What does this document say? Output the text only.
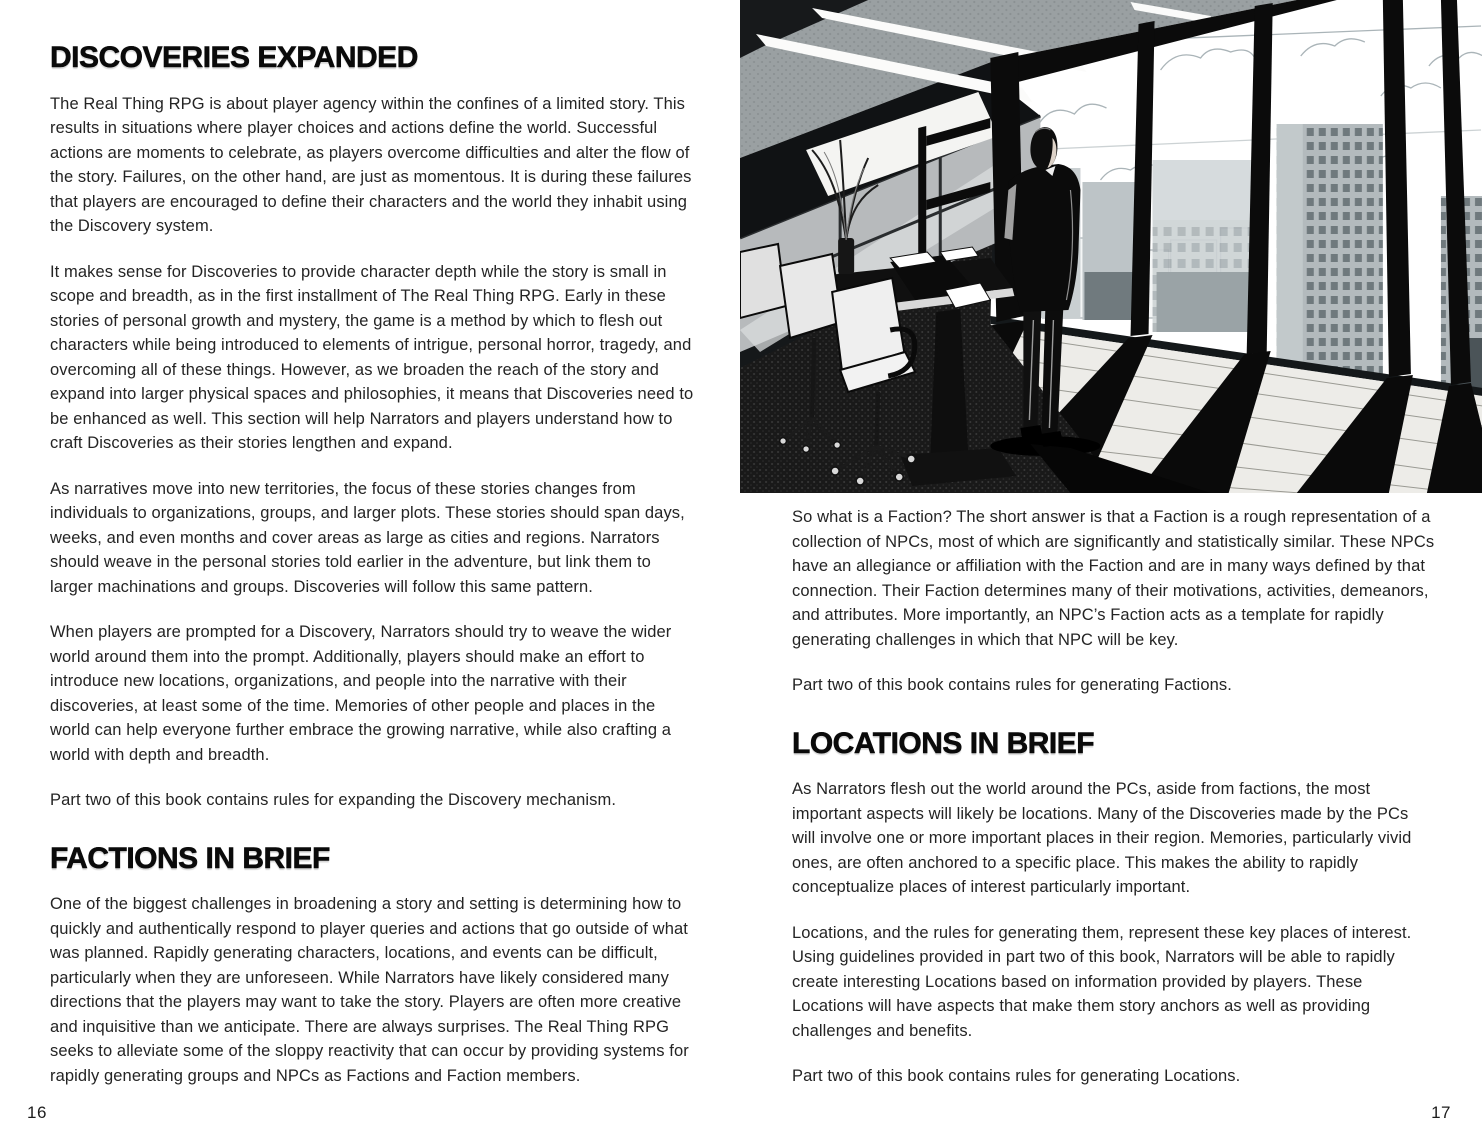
DISCOVERIES EXPANDED

The Real Thing RPG is about player agency within the confines of a limited story. This results in situations where player choices and actions define the world. Successful actions are moments to celebrate, as players overcome difficulties and alter the flow of the story. Failures, on the other hand, are just as momentous. It is during these failures that players are encouraged to define their characters and the world they inhabit using the Discovery system.

It makes sense for Discoveries to provide character depth while the story is small in scope and breadth, as in the first installment of The Real Thing RPG. Early in these stories of personal growth and mystery, the game is a method by which to flesh out characters while being introduced to elements of intrigue, personal horror, tragedy, and overcoming all of these things. However, as we broaden the reach of the story and expand into larger physical spaces and philosophies, it means that Discoveries need to be enhanced as well. This section will help Narrators and players understand how to craft Discoveries as their stories lengthen and expand.

As narratives move into new territories, the focus of these stories changes from individuals to organizations, groups, and larger plots. These stories should span days, weeks, and even months and cover areas as large as cities and regions. Narrators should weave in the personal stories told earlier in the adventure, but link them to larger machinations and groups. Discoveries will follow this same pattern.

When players are prompted for a Discovery, Narrators should try to weave the wider world around them into the prompt. Additionally, players should make an effort to introduce new locations, organizations, and people into the narrative with their discoveries, at least some of the time. Memories of other people and places in the world can help everyone further embrace the growing narrative, while also crafting a world with depth and breadth.

Part two of this book contains rules for expanding the Discovery mechanism.

FACTIONS IN BRIEF

One of the biggest challenges in broadening a story and setting is determining how to quickly and authentically respond to player queries and actions that go outside of what was planned. Rapidly generating characters, locations, and events can be difficult, particularly when they are unforeseen. While Narrators have likely considered many directions that the players may want to take the story. Players are often more creative and inquisitive than we anticipate. There are always surprises. The Real Thing RPG seeks to alleviate some of the sloppy reactivity that can occur by providing systems for rapidly generating groups and NPCs as Factions and Faction members.

16

So what is a Faction? The short answer is that a Faction is a rough representation of a collection of NPCs, most of which are significantly and statistically similar. These NPCs have an allegiance or affiliation with the Faction and are in many ways defined by that connection. Their Faction determines many of their motivations, activities, demeanors, and attributes. More importantly, an NPC’s Faction acts as a template for rapidly generating challenges in which that NPC will be key.

Part two of this book contains rules for generating Factions.

LOCATIONS IN BRIEF

As Narrators flesh out the world around the PCs, aside from factions, the most important aspects will likely be locations. Many of the Discoveries made by the PCs will involve one or more important places in their region. Memories, particularly vivid ones, are often anchored to a specific place. This makes the ability to rapidly conceptualize places of interest particularly important.

Locations, and the rules for generating them, represent these key places of interest. Using guidelines provided in part two of this book, Narrators will be able to rapidly create interesting Locations based on information provided by players. These Locations will have aspects that make them story anchors as well as providing challenges and benefits.

Part two of this book contains rules for generating Locations.

17
